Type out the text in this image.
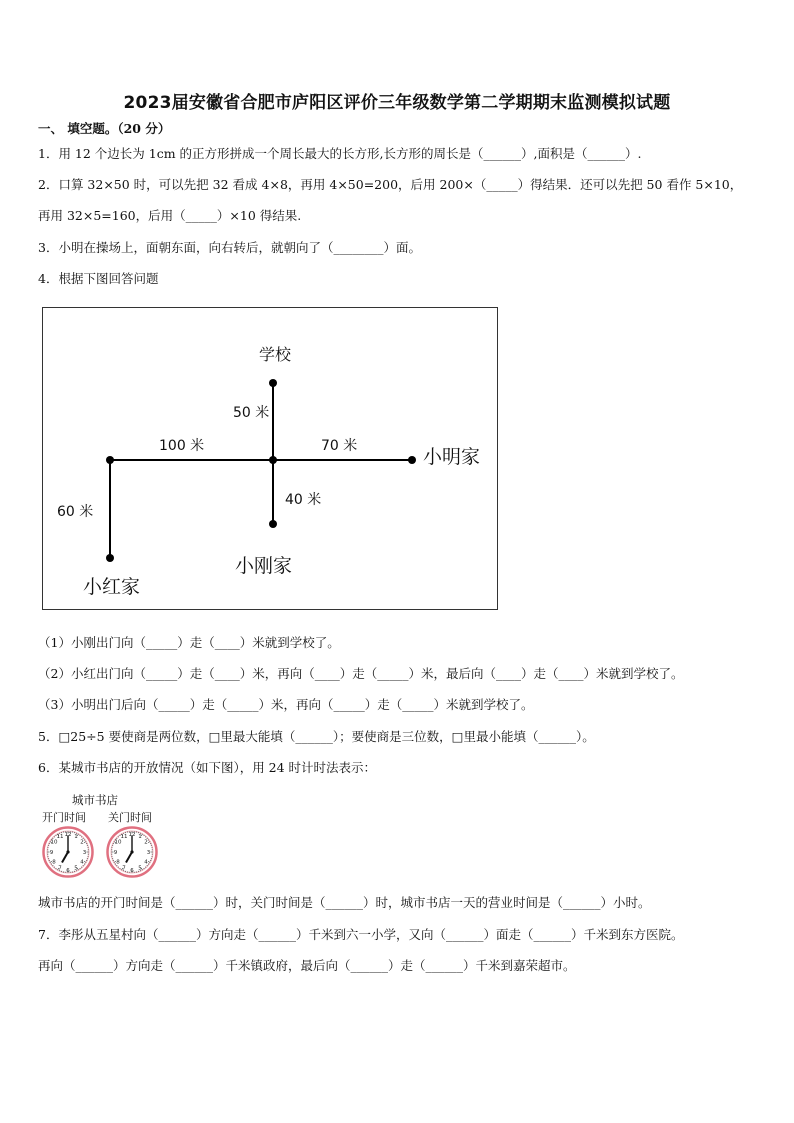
2023届安徽省合肥市庐阳区评价三年级数学第二学期期末监测模拟试题
一、 填空题。（20 分）
1．用 12 个边长为 1cm 的正方形拼成一个周长最大的长方形,长方形的周长是（______）,面积是（______）.
2．口算 32×50 时，可以先把 32 看成 4×8，再用 4×50=200，后用 200×（_____）得结果．还可以先把 50 看作 5×10，
再用 32×5=160，后用（_____）×10 得结果.
3．小明在操场上，面朝东面，向右转后，就朝向了（________）面。
4．根据下图回答问题
学校
50 米
100 米	70 米	小明家
40 米
60 米
小刚家
小红家
（1）小刚出门向（_____）走（____）米就到学校了。
（2）小红出门向（_____）走（____）米，再向（____）走（_____）米，最后向（____）走（____）米就到学校了。
（3）小明出门后向（_____）走（_____）米，再向（_____）走（_____）米就到学校了。
5．□25÷5 要使商是两位数，□里最大能填（______）；要使商是三位数，□里最小能填（______）。
6．某城市书店的开放情况（如下图），用 24 时计时法表示：
城市书店
开门时间 关门时间
12 1
2
3
4
5
6
7
8
9
10
11	12 1
2
3
4
5
6
7
8
9
10
11
城市书店的开门时间是（______）时，关门时间是（______）时，城市书店一天的营业时间是（______）小时。
7．李彤从五星村向（______）方向走（______）千米到六一小学，又向（______）面走（______）千米到东方医院。
再向（______）方向走（______）千米镇政府，最后向（______）走（______）千米到嘉荣超市。
